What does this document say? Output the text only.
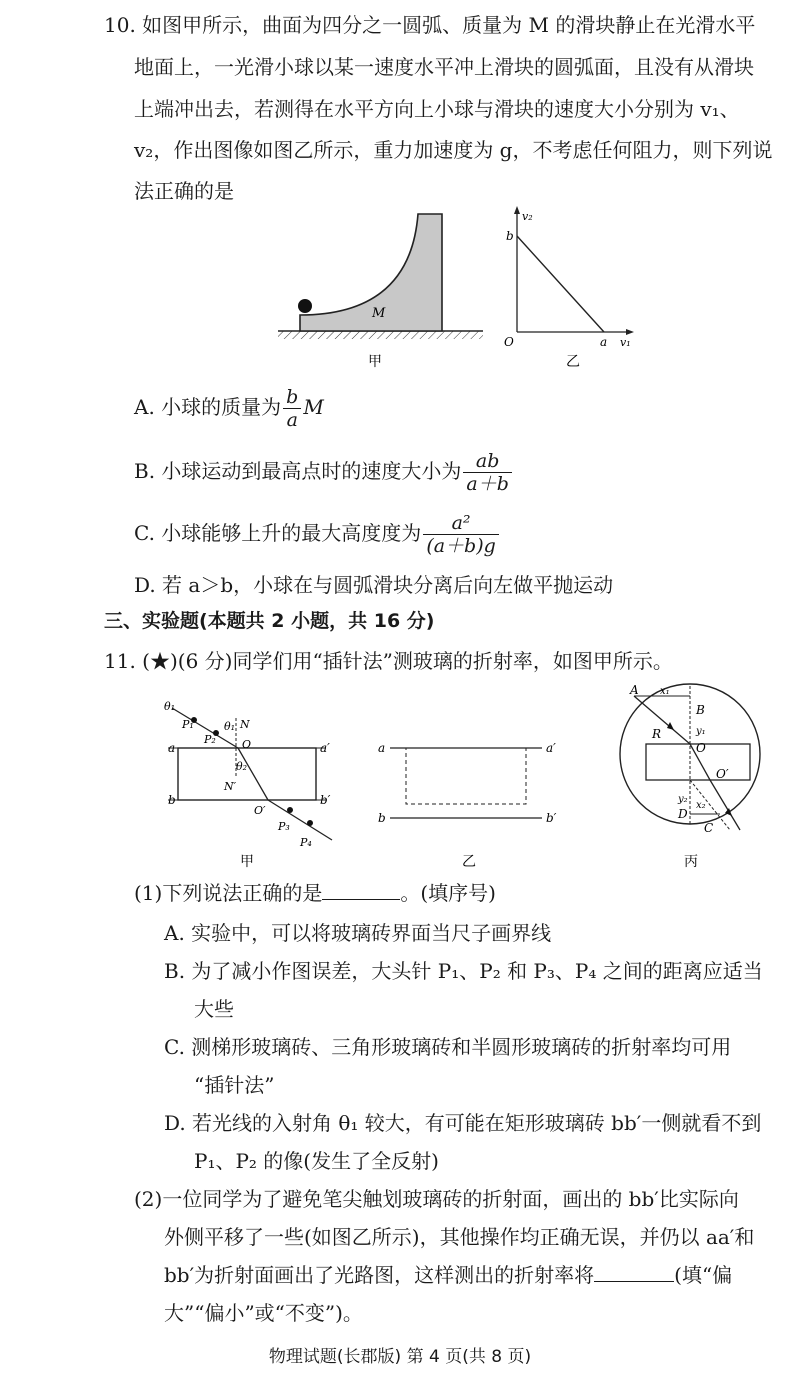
10. 如图甲所示，曲面为四分之一圆弧、质量为 M 的滑块静止在光滑水平
地面上，一光滑小球以某一速度水平冲上滑块的圆弧面，且没有从滑块
上端冲出去，若测得在水平方向上小球与滑块的速度大小分别为 v₁、
v₂，作出图像如图乙所示，重力加速度为 g，不考虑任何阻力，则下列说
法正确的是
M
甲
v₂
b
O	a v₁
乙
A. 小球的质量为 $\frac{b}{a}$ M
B. 小球运动到最高点时的速度大小为 $\frac{ab}{a+b}$
C. 小球能够上升的最大高度度为 $\frac{\text{a²}}{(a+b)g}$
D. 若 a＞b，小球在与圆弧滑块分离后向左做平抛运动
三、实验题(本题共 2 小题，共 16 分)
11. (★)(6 分)同学们用“插针法”测玻璃的折射率，如图甲所示。
θ₁
P₁
P₂
θ₁ N
O
θ₂
N′
O′
P₃
P₄
a	a′
b	b′
甲
a	a′
b	b′
乙
A x₁
B
y₁
R
O
O′
y₂
x₂
D
C
丙
(1)下列说法正确的是	。(填序号)
A. 实验中，可以将玻璃砖界面当尺子画界线
B. 为了减小作图误差，大头针 P₁、P₂ 和 P₃、P₄ 之间的距离应适当
大些
C. 测梯形玻璃砖、三角形玻璃砖和半圆形玻璃砖的折射率均可用
“插针法”
D. 若光线的入射角 θ₁ 较大，有可能在矩形玻璃砖 bb′一侧就看不到
P₁、P₂ 的像(发生了全反射)
(2)一位同学为了避免笔尖触划玻璃砖的折射面，画出的 bb′比实际向
外侧平移了一些(如图乙所示)，其他操作均正确无误，并仍以 aa′和
bb′为折射面画出了光路图，这样测出的折射率将	(填“偏
大”“偏小”或“不变”)。
物理试题(长郡版) 第 4 页(共 8 页)
